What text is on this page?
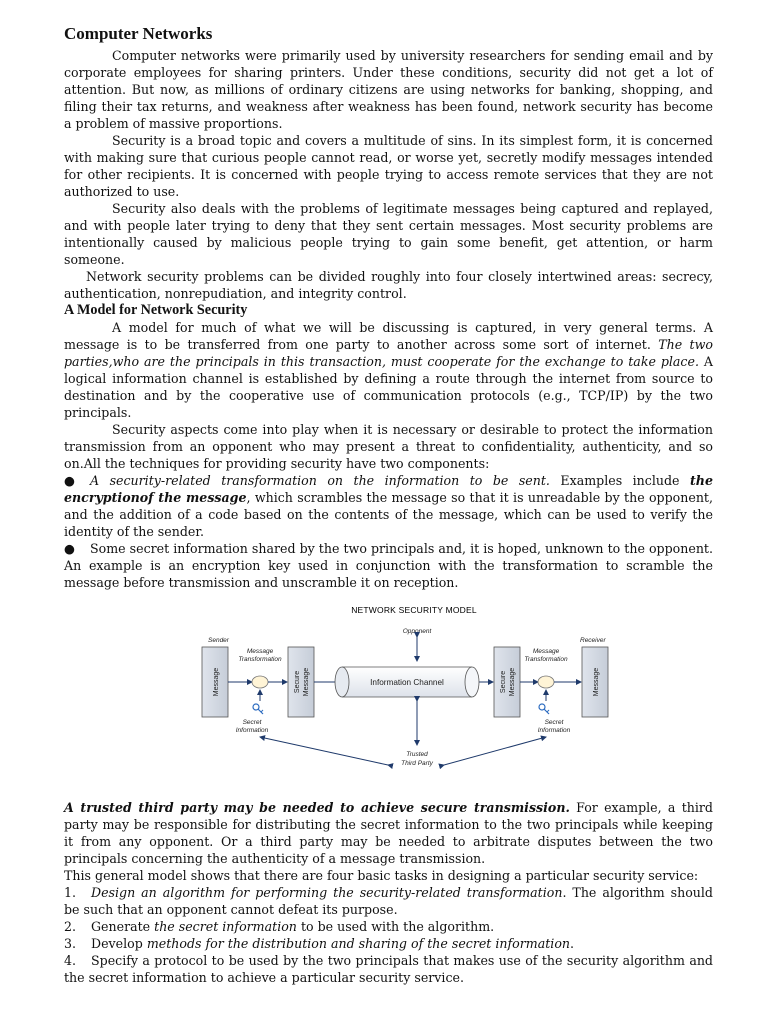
Computer Networks

Computer networks were primarily used by university researchers for sending email and by corporate employees for sharing printers. Under these conditions, security did not get a lot of attention. But now, as millions of ordinary citizens are using networks for banking, shopping, and filing their tax returns, and weakness after weakness has been found, network security has become a problem of massive proportions.

Security is a broad topic and covers a multitude of sins. In its simplest form, it is concerned with making sure that curious people cannot read, or worse yet, secretly modify messages intended for other recipients. It is concerned with people trying to access remote services that they are not authorized to use.

Security also deals with the problems of legitimate messages being captured and replayed, and with people later trying to deny that they sent certain messages. Most security problems are intentionally caused by malicious people trying to gain some benefit, get attention, or harm someone.

Network security problems can be divided roughly into four closely intertwined areas: secrecy, authentication, nonrepudiation, and integrity control.

A Model for Network Security

A model for much of what we will be discussing is captured, in very general terms. A message is to be transferred from one party to another across some sort of internet. The two parties,who are the principals in this transaction, must cooperate for the exchange to take place. A logical information channel is established by defining a route through the internet from source to destination and by the cooperative use of communication protocols (e.g., TCP/IP) by the two principals.

Security aspects come into play when it is necessary or desirable to protect the information transmission from an opponent who may present a threat to confidentiality, authenticity, and so on.All the techniques for providing security have two components:

● A security-related transformation on the information to be sent. Examples include the encryptionof the message, which scrambles the message so that it is unreadable by the opponent, and the addition of a code based on the contents of the message, which can be used to verify the identity of the sender.

● Some secret information shared by the two principals and, it is hoped, unknown to the opponent. An example is an encryption key used in conjunction with the transformation to scramble the message before transmission and unscramble it on reception.

NETWORK SECURITY MODEL
Opponent
Sender	Receiver
Message	Message
Secure Message	Secure Message
Message
Transformation
Message
Transformation
Information Channel
Secret
Information
Secret
Information
Trusted
Third Party

A trusted third party may be needed to achieve secure transmission. For example, a third party may be responsible for distributing the secret information to the two principals while keeping it from any opponent. Or a third party may be needed to arbitrate disputes between the two principals concerning the authenticity of a message transmission.

This general model shows that there are four basic tasks in designing a particular security service:

1. Design an algorithm for performing the security-related transformation. The algorithm should be such that an opponent cannot defeat its purpose.

2. Generate the secret information to be used with the algorithm.

3. Develop methods for the distribution and sharing of the secret information.

4. Specify a protocol to be used by the two principals that makes use of the security algorithm and the secret information to achieve a particular security service.
